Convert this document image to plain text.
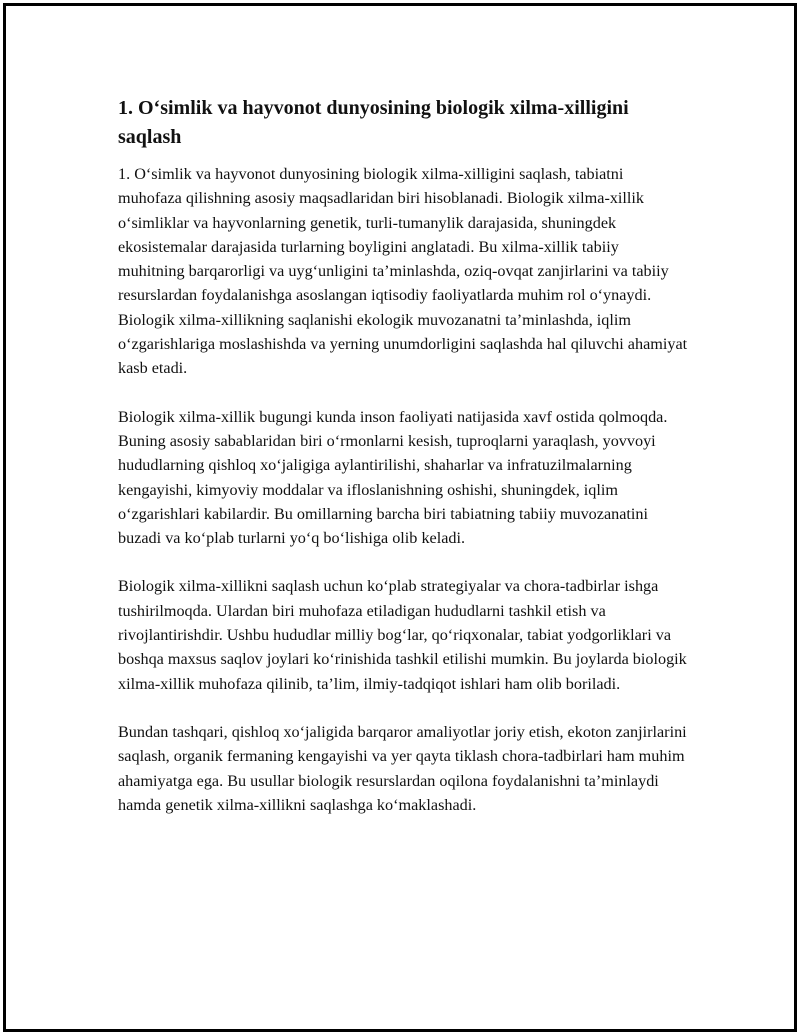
1. O‘simlik va hayvonot dunyosining biologik xilma-xilligini saqlash

1. O‘simlik va hayvonot dunyosining biologik xilma-xilligini saqlash, tabiatni muhofaza qilishning asosiy maqsadlaridan biri hisoblanadi. Biologik xilma-xillik o‘simliklar va hayvonlarning genetik, turli-tumanylik darajasida, shuningdek ekosistemalar darajasida turlarning boyligini anglatadi. Bu xilma-xillik tabiiy muhitning barqarorligi va uyg‘unligini ta’minlashda, oziq-ovqat zanjirlarini va tabiiy resurslardan foydalanishga asoslangan iqtisodiy faoliyatlarda muhim rol o‘ynaydi. Biologik xilma-xillikning saqlanishi ekologik muvozanatni ta’minlashda, iqlim o‘zgarishlariga moslashishda va yerning unumdorligini saqlashda hal qiluvchi ahamiyat kasb etadi.

Biologik xilma-xillik bugungi kunda inson faoliyati natijasida xavf ostida qolmoqda. Buning asosiy sabablaridan biri o‘rmonlarni kesish, tuproqlarni yaraqlash, yovvoyi hududlarning qishloq xo‘jaligiga aylantirilishi, shaharlar va infratuzilmalarning kengayishi, kimyoviy moddalar va ifloslanishning oshishi, shuningdek, iqlim o‘zgarishlari kabilardir. Bu omillarning barcha biri tabiatning tabiiy muvozanatini buzadi va ko‘plab turlarni yo‘q bo‘lishiga olib keladi.

Biologik xilma-xillikni saqlash uchun ko‘plab strategiyalar va chora-tadbirlar ishga tushirilmoqda. Ulardan biri muhofaza etiladigan hududlarni tashkil etish va rivojlantirishdir. Ushbu hududlar milliy bog‘lar, qo‘riqxonalar, tabiat yodgorliklari va boshqa maxsus saqlov joylari ko‘rinishida tashkil etilishi mumkin. Bu joylarda biologik xilma-xillik muhofaza qilinib, ta’lim, ilmiy-tadqiqot ishlari ham olib boriladi.

Bundan tashqari, qishloq xo‘jaligida barqaror amaliyotlar joriy etish, ekoton zanjirlarini saqlash, organik fermaning kengayishi va yer qayta tiklash chora-tadbirlari ham muhim ahamiyatga ega. Bu usullar biologik resurslardan oqilona foydalanishni ta’minlaydi hamda genetik xilma-xillikni saqlashga ko‘maklashadi.
